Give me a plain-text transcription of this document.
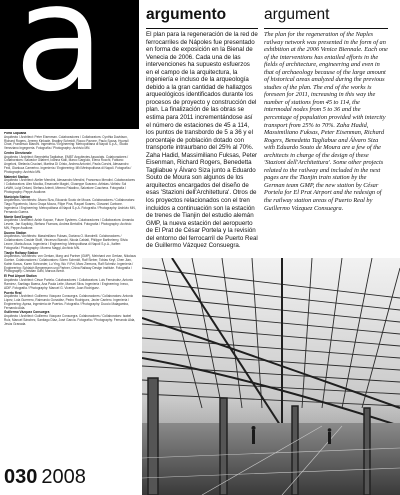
a
Porta Capuana
Arquitecto / Architect: Peter Eisenman. Colaboradores / Collaborators: Cynthia Davidson, Richard Rogers, Jeremy Kinkade, Bradley Schmidt, Rocco Pavone, Paulo Sousa, Hyunsil Chae, Francesco Bianchi. Ingeniería / Engineering: Metropolitana di Napoli S.p.A., Studio Veneziano Ingegneria. Fotografía / Photography: Archivio MN.
Centro Direzionale
Arquitecto / Architect: Benedetta Tagliabue, EMBT Arquitectes Associats. Colaboradores / Collaborators: Salvador Gilabert, Ioanna Kalli, Marco Gargiulo, Elena Rocchi, Fabiano Angeloni, Stefania Cruciani, Martina Di Cristo, Andrea Antonini, Paola Corsini, Alessandro Fedi, Gianluca Camerino. Ingeniería / Engineering: MN Metropolitana di Napoli. Fotografía / Photography: Archivio MN.
Materdei Station
Arquitecto / Architect: Atelier Mendini, Alessandro Mendini, Francesco Mendini. Colaboradores / Collaborators: Alex Mocika, Emanuele Magini, Giuseppe Scarano. Artistas / Artists: Sol LeWitt, Luigi Ontani, Stefano Arienti, Mimmo Paladino, Salvatore Cuschera. Fotografía / Photography: Peppe Avallone.
Municipio Station
Arquitectos / Architects: Álvaro Siza, Eduardo Souto de Moura. Colaboradores / Collaborators: Tiago Figueiredo, Nuno Graça Moura, Filipe Pina, Raquel Soares, Giovanni Carbone. Ingeniería / Engineering: Metropolitana di Napoli S.p.A. Fotografía / Photography: Archivio MN, Fernando Guerra.
Monte Sant'Angelo
Arquitecto / Architect: Anish Kapoor, Future Systems. Colaboradores / Collaborators: Amanda Levete, Jan Kaplicky, Stefano Fiumara, Andrea Bertollini. Fotografía / Photography: Archivio MN, Peppe Avallone.
Duomo Station
Arquitectos / Architects: Massimiliano Fuksas, Doriana O. Mandrelli. Colaboradores / Collaborators: Davide Stolfi, Vincenzo Bianchi, Nicola Cabiati, Philippe Barthelemy, Silvia Leone, Marta Aroca. Ingeniería / Engineering: Metropolitana di Napoli S.p.A., Italferr. Fotografía / Photography: Moreno Maggi, Archivio MN.
Tianjin Railway Station
Arquitectos / Architects: von Gerkan, Marg und Partner (GMP), Meinhard von Gerkan, Nikolaus Goetze. Colaboradores / Collaborators: Sören Schmidt, Ralf Sieber, Tobias Keyl, Chen Jian, Katrin Kanus, Karen Schroeder, Lu Ying, Wu Yi Fei, Marc Ziemons, Ralf Schmitz. Ingeniería / Engineering: Schlaich Bergermann und Partner, China Railway Design Institute. Fotografía / Photography: Christian Gahl, Marcus Bredt.
El Prat Airport Station
Arquitecto / Architect: César Portela. Colaboradores / Collaborators: Luis Fernández, Antonio Ramírez, Santiago Baena, Ana Paula Leite, Manuel Silva. Ingeniería / Engineering: Ineco, ADIF. Fotografía / Photography: Manuel G. Vicente, Juan Rodríguez.
Puerto Real
Arquitecto / Architect: Guillermo Vázquez Consuegra. Colaboradores / Collaborators: Antonio López, Lola Guerrero, Raimundo González, Pedro Rodríguez, Javier Cantero. Ingeniería / Engineering: Ayesa, Ingeniería de Puertos. Fotografía / Photography: Duccio Malagamba, Fernando Alda.
Guillermo Vázquez Consuegra
Arquitecto / Architect: Guillermo Vázquez Consuegra. Colaboradores / Collaborators: Isabel Ruiz, Manuel Sánchez, Santiago Díaz, José García. Fotografía / Photography: Fernando Alda, Jesús Granada.
030 2008
argumento argument
El plan para la regeneración de la red de ferrocarriles de Nápoles fue presentado en forma de exposición en la Bienal de Venecia de 2006. Cada una de las intervenciones ha supuesto esfuerzos en el campo de la arquitectura, la ingeniería e incluso de la arqueología debido a la gran cantidad de hallazgos arqueológicos identificados durante los procesos de proyecto y construcción del plan. La finalización de las obras se estima para 2011 incrementándose así el número de estaciones de 45 a 114, los puntos de transbordo de 5 a 36 y el porcentaje de población dotado con transporte intraurbano del 25% al 70%. Zaha Hadid, Massimiliano Fuksas, Peter Eisenman, Richard Rogers, Benedetta Tagliabue y Álvaro Siza junto a Eduardo Souto de Moura son algunos de los arquitectos encargados del diseño de esas 'Stazioni dell'Architettura'. Otros de los proyectos relacionados con el tren incluidos a continuación son la estación de trenes de Tianjin del estudio alemán GMP, la nueva estación del aeropuerto de El Prat de César Portela y la revisión del entorno del ferrocarril de Puerto Real de Guillermo Vázquez Consuegra.
The plan for the regeneration of the Naples railway network was presented in the form of an exhibition at the 2006 Venice Biennale. Each one of the interventions has entailed efforts in the fields of architecture, engineering and even in that of archaeology because of the large amount of historical areas analyzed during the previous studies of the plan. The end of the works is foreseen for 2011, increasing in this way the number of stations from 45 to 114, the intermodal nodes from 5 to 36 and the percentage of population provided with intercity transport from 25% to 70%. Zaha Hadid, Massimiliano Fuksas, Peter Eisenman, Richard Rogers, Benedetta Tagliabue and Álvaro Siza with Eduardo Souto de Moura are a few of the architects in charge of the design of these 'Stazioni dell'Architettura'. Some other projects related to the railway and included in the next pages are the Tianjin train station by the German team GMP, the new station by César Portela for El Prat Airport and the redesign of the railway station areas of Puerto Real by Guillermo Vázquez Consuegra.
